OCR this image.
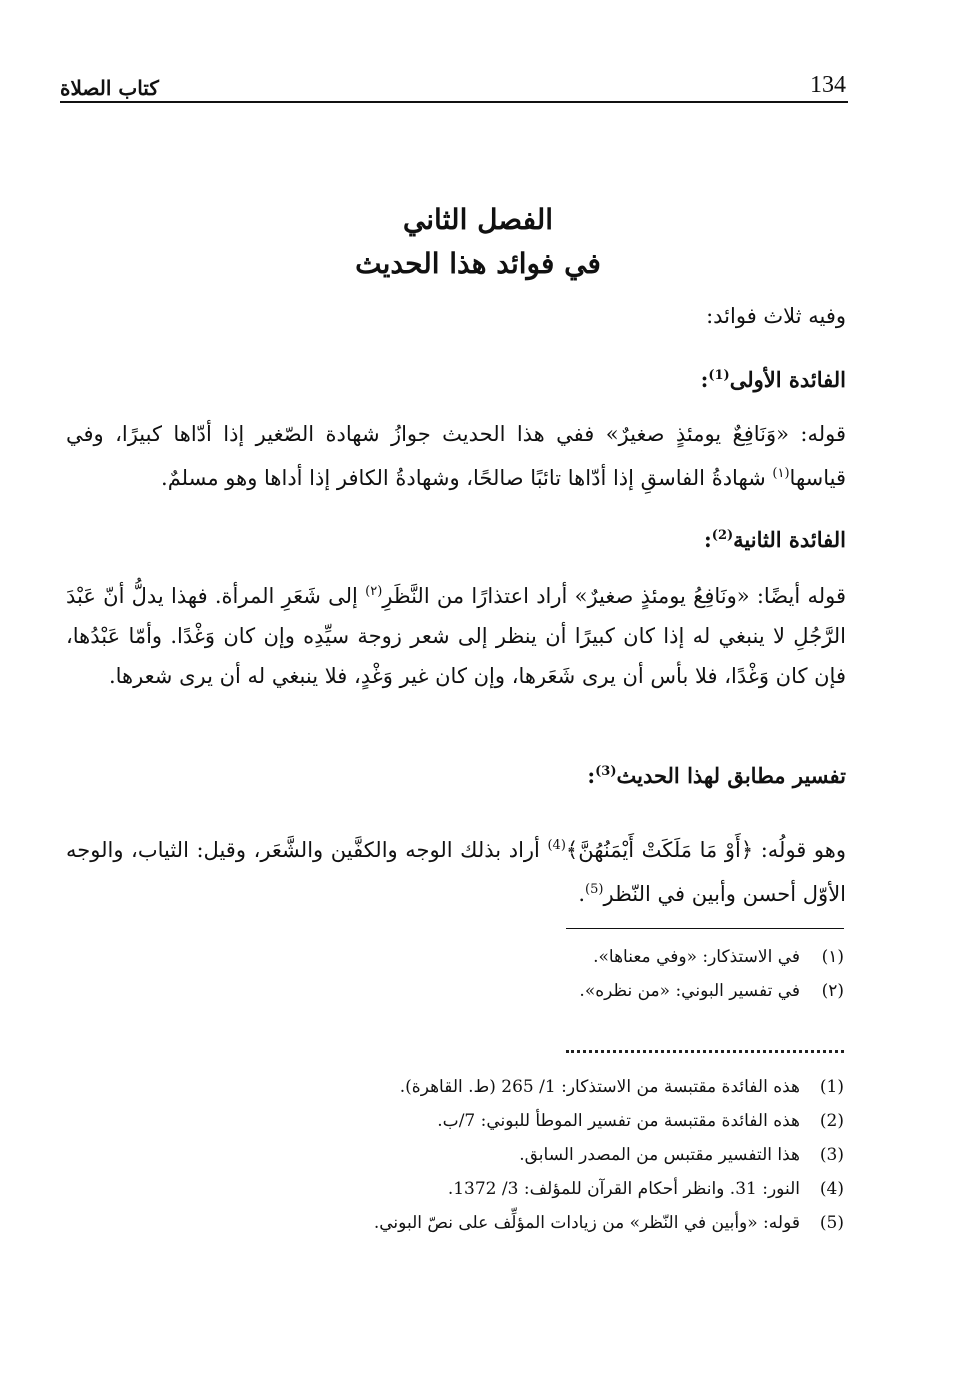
كتاب الصلاة	134
الفصل الثاني
في فوائد هذا الحديث
وفيه ثلاث فوائد:
الفائدة الأولى$^{(1)}$:
قوله: «وَنَافِعٌ يومئذٍ صغيرٌ» ففي هذا الحديث جوازُ شهادة الصّغير إذا أدّاها كبيرًا، وفي قياسها$^{(١)}$ شهادةُ الفاسقِ إذا أدّاها تائبًا صالحًا، وشهادةُ الكافر إذا أداها وهو مسلمٌ.
الفائدة الثانية$^{(2)}$:
قوله أيضًا: «ونَافِعُ يومئذٍ صغيرٌ» أراد اعتذارًا من النَّظَرِ$^{(٢)}$ إلى شَعَرِ المرأة. فهذا يدلُّ أنّ عَبْدَ الرَّجُلِ لا ينبغي له إذا كان كبيرًا أن ينظر إلى شعر زوجة سيِّدِه وإن كان وَغْدًا. وأمّا عَبْدُها، فإن كان وَغْدًا، فلا بأس أن يرى شَعَرها، وإن كان غير وَغْدٍ، فلا ينبغي له أن يرى شعرها.
تفسير مطابق لهذا الحديث$^{(3)}$:
وهو قولُه: ﴿أَوْ مَا مَلَكَتْ أَيْمَنُهُنَّ﴾$^{(4)}$ أراد بذلك الوجه والكفَّين والشَّعَر، وقيل: الثياب، والوجه الأوّل أحسن وأبين في النّظر$^{(5)}$.
(١)
في الاستذكار: «وفي معناها».
(٢)
في تفسير البوني: «من نظره».
(1)
هذه الفائدة مقتبسة من الاستذكار: 1/ 265 (ط. القاهرة).
(2)
هذه الفائدة مقتبسة من تفسير الموطأ للبوني: 7/ب.
(3)
هذا التفسير مقتبس من المصدر السابق.
(4)
النور: 31. وانظر أحكام القرآن للمؤلف: 3/ 1372.
(5)
قوله: «وأبين في النّظر» من زيادات المؤلِّف على نصّ البوني.
